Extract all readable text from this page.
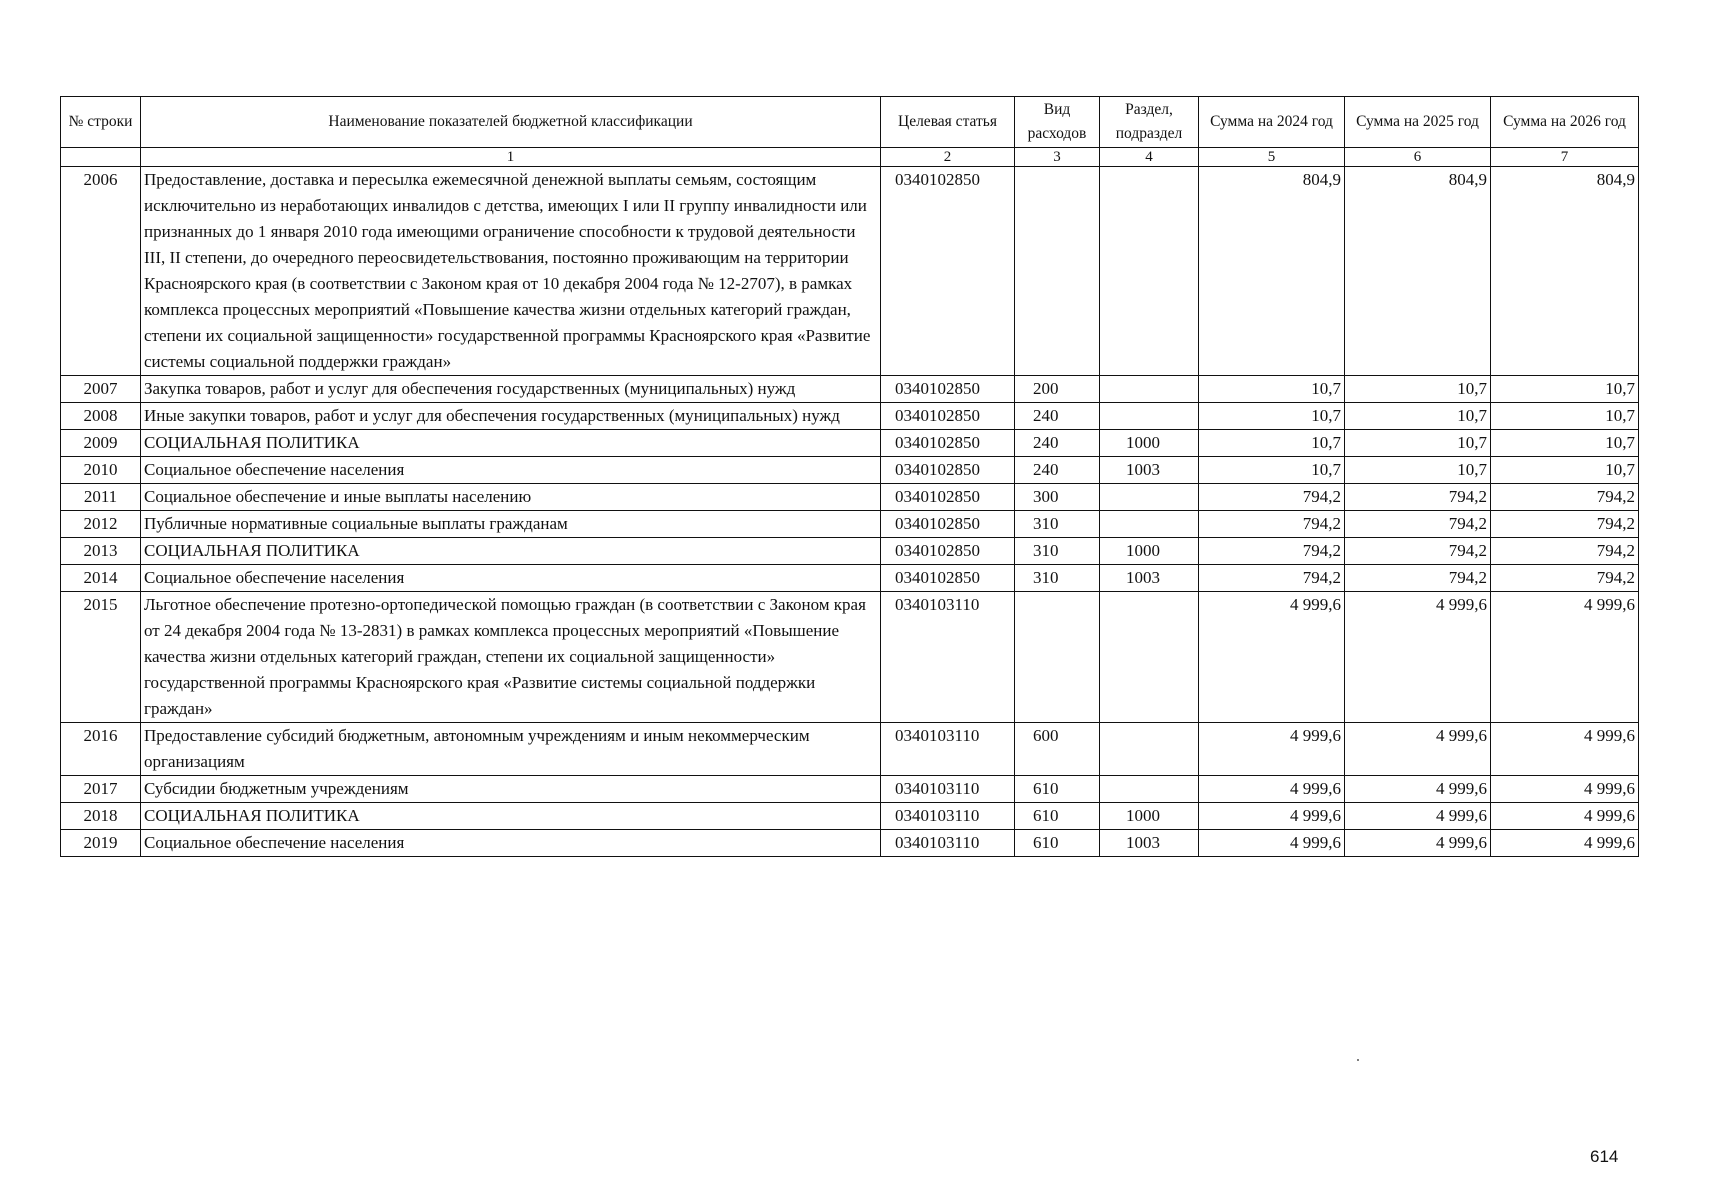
№ строки	Наименование показателей бюджетной классификации	Целевая статья	Вид расходов	Раздел, подраздел	Сумма на 2024 год	Сумма на 2025 год	Сумма на 2026 год
	1	2	3	4	5	6	7
2006	Предоставление, доставка и пересылка ежемесячной денежной выплаты семьям, состоящим исключительно из неработающих инвалидов с детства, имеющих I или II группу инвалидности или признанных до 1 января 2010 года имеющими ограничение способности к трудовой деятельности III, II степени, до очередного переосвидетельствования, постоянно проживающим на территории Красноярского края (в соответствии с Законом края от 10 декабря 2004 года № 12-2707), в рамках комплекса процессных мероприятий «Повышение качества жизни отдельных категорий граждан, степени их социальной защищенности» государственной программы Красноярского края «Развитие системы социальной поддержки граждан»	0340102850			804,9	804,9	804,9
2007	Закупка товаров, работ и услуг для обеспечения государственных (муниципальных) нужд	0340102850	200		10,7	10,7	10,7
2008	Иные закупки товаров, работ и услуг для обеспечения государственных (муниципальных) нужд	0340102850	240		10,7	10,7	10,7
2009	СОЦИАЛЬНАЯ ПОЛИТИКА	0340102850	240	1000	10,7	10,7	10,7
2010	Социальное обеспечение населения	0340102850	240	1003	10,7	10,7	10,7
2011	Социальное обеспечение и иные выплаты населению	0340102850	300		794,2	794,2	794,2
2012	Публичные нормативные социальные выплаты гражданам	0340102850	310		794,2	794,2	794,2
2013	СОЦИАЛЬНАЯ ПОЛИТИКА	0340102850	310	1000	794,2	794,2	794,2
2014	Социальное обеспечение населения	0340102850	310	1003	794,2	794,2	794,2
2015	Льготное обеспечение протезно-ортопедической помощью граждан (в соответствии с Законом края от 24 декабря 2004 года № 13-2831) в рамках комплекса процессных мероприятий «Повышение качества жизни отдельных категорий граждан, степени их социальной защищенности» государственной программы Красноярского края «Развитие системы социальной поддержки граждан»	0340103110			4 999,6	4 999,6	4 999,6
2016	Предоставление субсидий бюджетным, автономным учреждениям и иным некоммерческим организациям	0340103110	600		4 999,6	4 999,6	4 999,6
2017	Субсидии бюджетным учреждениям	0340103110	610		4 999,6	4 999,6	4 999,6
2018	СОЦИАЛЬНАЯ ПОЛИТИКА	0340103110	610	1000	4 999,6	4 999,6	4 999,6
2019	Социальное обеспечение населения	0340103110	610	1003	4 999,6	4 999,6	4 999,6
614
